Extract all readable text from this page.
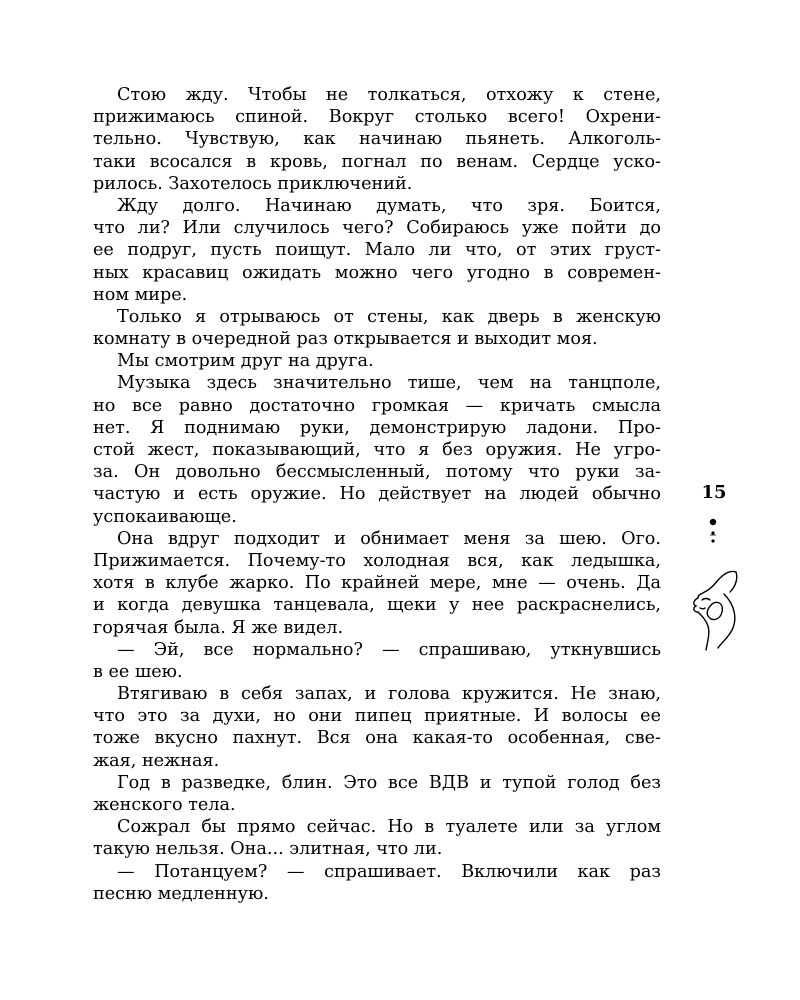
Стою жду. Чтобы не толкаться, отхожу к стене,
прижимаюсь спиной. Вокруг столько всего! Охрени-
тельно. Чувствую, как начинаю пьянеть. Алкоголь-
таки всосался в кровь, погнал по венам. Сердце уско-
рилось. Захотелось приключений.
Жду долго. Начинаю думать, что зря. Боится,
что ли? Или случилось чего? Собираюсь уже пойти до
ее подруг, пусть поищут. Мало ли что, от этих груст-
ных красавиц ожидать можно чего угодно в современ-
ном мире.
Только я отрываюсь от стены, как дверь в женскую
комнату в очередной раз открывается и выходит моя.
Мы смотрим друг на друга.
Музыка здесь значительно тише, чем на танцполе,
но все равно достаточно громкая — кричать смысла
нет. Я поднимаю руки, демонстрирую ладони. Про-
стой жест, показывающий, что я без оружия. Не угро-
за. Он довольно бессмысленный, потому что руки за-
частую и есть оружие. Но действует на людей обычно
успокаивающе.
Она вдруг подходит и обнимает меня за шею. Ого.
Прижимается. Почему-то холодная вся, как ледышка,
хотя в клубе жарко. По крайней мере, мне — очень. Да
и когда девушка танцевала, щеки у нее раскраснелись,
горячая была. Я же видел.
— Эй, все нормально? — спрашиваю, уткнувшись
в ее шею.
Втягиваю в себя запах, и голова кружится. Не знаю,
что это за духи, но они пипец приятные. И волосы ее
тоже вкусно пахнут. Вся она какая-то особенная, све-
жая, нежная.
Год в разведке, блин. Это все ВДВ и тупой голод без
женского тела.
Сожрал бы прямо сейчас. Но в туалете или за углом
такую нельзя. Она... элитная, что ли.
— Потанцуем? — спрашивает. Включили как раз
песню медленную.
15
